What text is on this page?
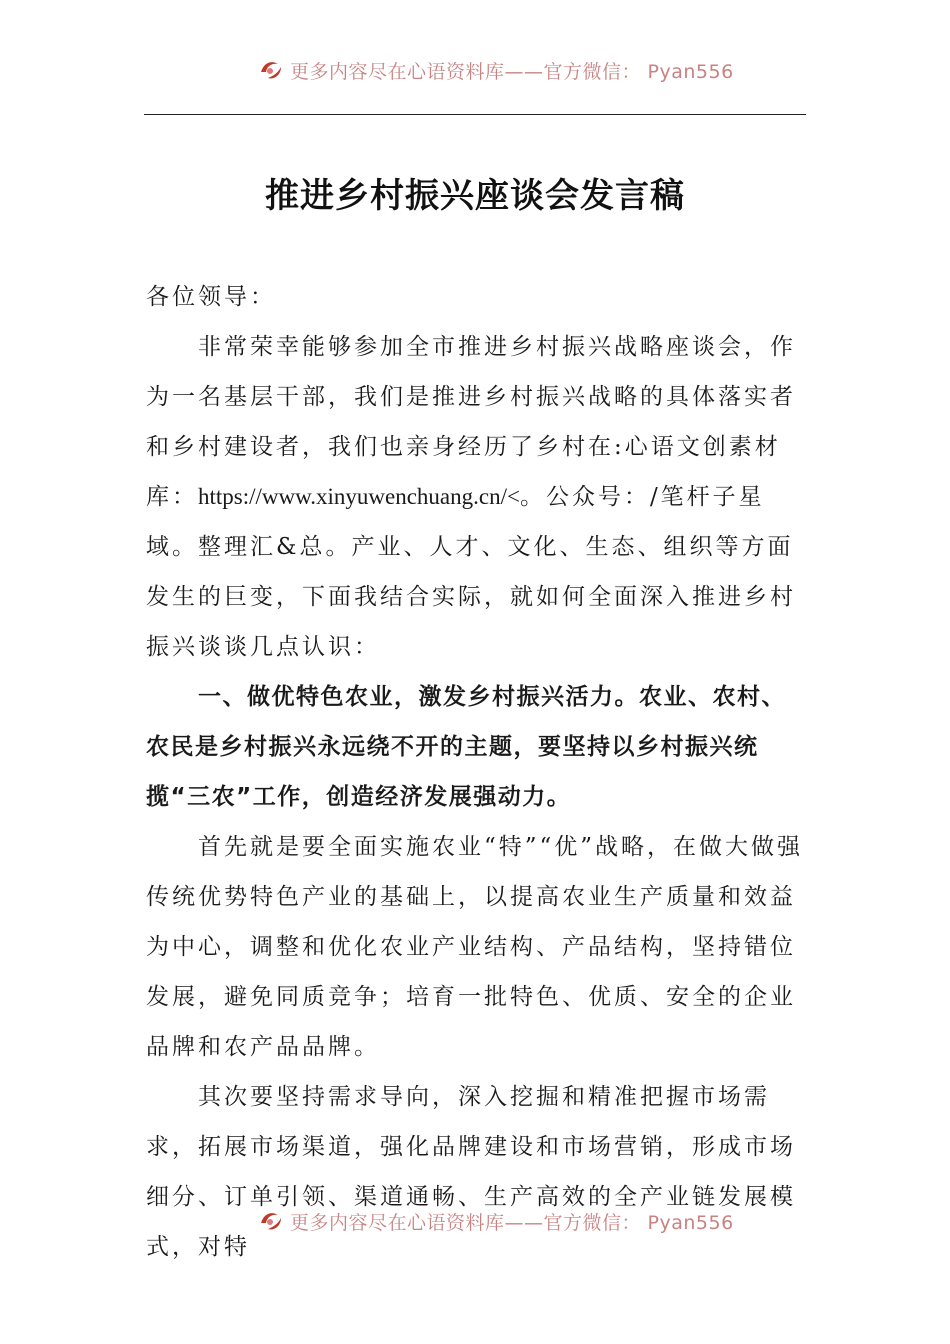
更多内容尽在心语资料库——官方微信： Pyan556
推进乡村振兴座谈会发言稿

各位领导：

非常荣幸能够参加全市推进乡村振兴战略座谈会，作为一名基层干部，我们是推进乡村振兴战略的具体落实者和乡村建设者，我们也亲身经历了乡村在:心语文创素材库：https://www.xinyuwenchuang.cn/<。公众号：/笔杆子星域。整理汇&总。产业、人才、文化、生态、组织等方面发生的巨变，下面我结合实际，就如何全面深入推进乡村振兴谈谈几点认识：

一、做优特色农业，激发乡村振兴活力。农业、农村、农民是乡村振兴永远绕不开的主题，要坚持以乡村振兴统揽“三农”工作，创造经济发展强动力。

首先就是要全面实施农业“特”“优”战略，在做大做强传统优势特色产业的基础上，以提高农业生产质量和效益为中心，调整和优化农业产业结构、产品结构，坚持错位发展，避免同质竞争；培育一批特色、优质、安全的企业品牌和农产品品牌。

其次要坚持需求导向，深入挖掘和精准把握市场需求，拓展市场渠道，强化品牌建设和市场营销，形成市场细分、订单引领、渠道通畅、生产高效的全产业链发展模式，对特

更多内容尽在心语资料库——官方微信： Pyan556
